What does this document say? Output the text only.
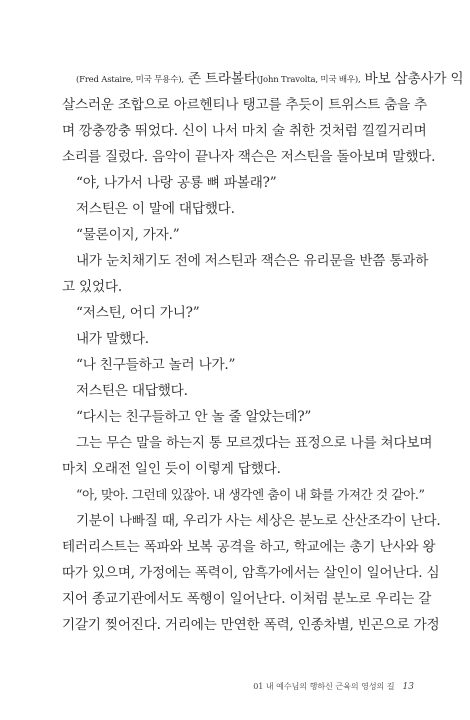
(Fred Astaire, 미국 무용수), 존 트라볼타(John Travolta, 미국 배우), 바보 삼총사가 익
살스러운 조합으로 아르헨티나 탱고를 추듯이 트위스트 춤을 추
며 깡충깡충 뛰었다. 신이 나서 마치 술 취한 것처럼 낄낄거리며
소리를 질렀다. 음악이 끝나자 잭슨은 저스틴을 돌아보며 말했다.
“야, 나가서 나랑 공룡 뼈 파볼래?”
저스틴은 이 말에 대답했다.
“물론이지, 가자.”
내가 눈치채기도 전에 저스틴과 잭슨은 유리문을 반쯤 통과하
고 있었다.
“저스틴, 어디 가니?”
내가 말했다.
“나 친구들하고 놀러 나가.”
저스틴은 대답했다.
“다시는 친구들하고 안 놀 줄 알았는데?”
그는 무슨 말을 하는지 통 모르겠다는 표정으로 나를 쳐다보며
마치 오래전 일인 듯이 이렇게 답했다.
“아, 맞아. 그런데 있잖아. 내 생각엔 춤이 내 화를 가져간 것 같아.”
기분이 나빠질 때, 우리가 사는 세상은 분노로 산산조각이 난다.
테러리스트는 폭파와 보복 공격을 하고, 학교에는 총기 난사와 왕
따가 있으며, 가정에는 폭력이, 암흑가에서는 살인이 일어난다. 심
지어 종교기관에서도 폭행이 일어난다. 이처럼 분노로 우리는 갈
기갈기 찢어진다. 거리에는 만연한 폭력, 인종차별, 빈곤으로 가정
01 내 예수님의 행하신 근육의 영성의 길 13
